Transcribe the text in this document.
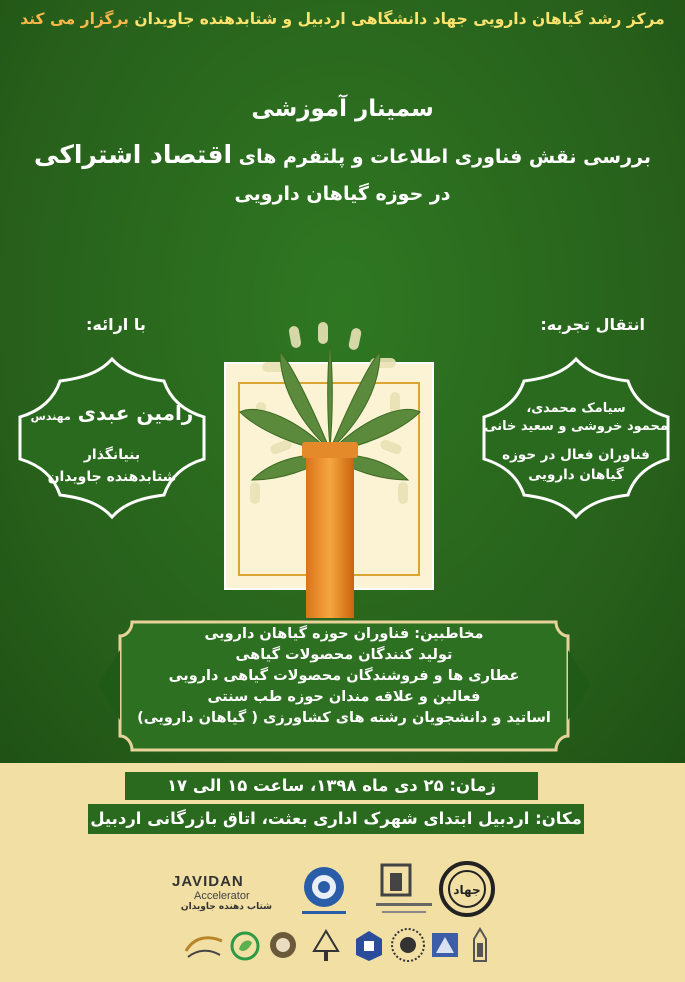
مرکز رشد گیاهان دارویی جهاد دانشگاهی اردبیل و شتابدهنده جاویدان برگزار می کند
سمینار آموزشی
بررسی نقش فناوری اطلاعات و پلتفرم های اقتصاد اشتراکی
در حوزه گیاهان دارویی
با ارائه:	انتقال تجربه:
رامین عبدی مهندس
بنیانگذار
شتابدهنده جاویدان
سیامک محمدی،
محمود خروشی و سعید خانی
فناوران فعال در حوزه
گیاهان دارویی
مخاطبین: فناوران حوزه گیاهان دارویی
تولید کنندگان محصولات گیاهی
عطاری ها و فروشندگان محصولات گیاهی دارویی
فعالین و علاقه مندان حوزه طب سنتی
اساتید و دانشجویان رشته های کشاورزی ( گیاهان دارویی)
زمان: ۲۵ دی ماه ۱۳۹۸، ساعت ۱۵ الی ۱۷
مکان: اردبیل ابتدای شهرک اداری بعثت، اتاق بازرگانی اردبیل
JAVIDAN
Accelerator
شتاب دهنده جاویدان
جهاد
